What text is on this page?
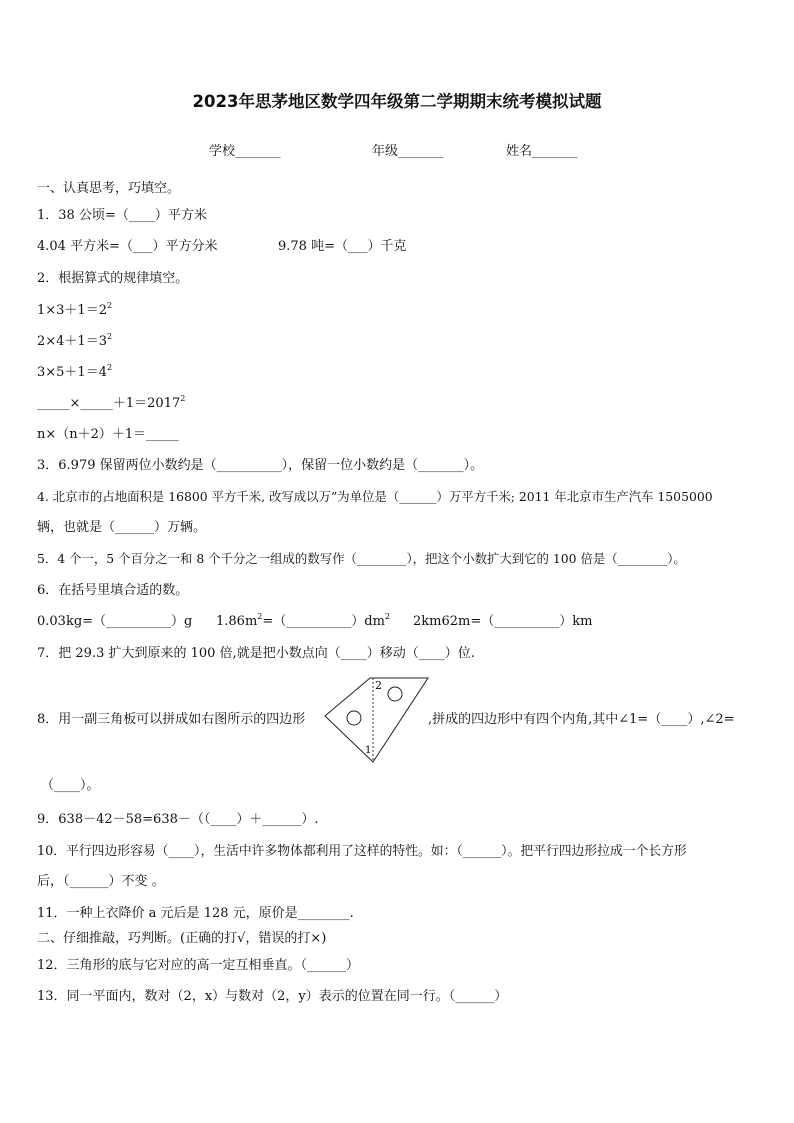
2023年思茅地区数学四年级第二学期期末统考模拟试题
学校_______	年级_______	姓名_______
一、认真思考，巧填空。
1．38 公顷=（____）平方米
4.04 平方米=（___）平方分米	9.78 吨=（___）千克
2．根据算式的规律填空。
$1\times 3+1=2^2$
$2\times 4+1=3^2$
$3\times 5+1=4^2$
$\_\_\_\_\_\times\_\_\_\_\_+1=2017^2$
n×（n＋2）＋1＝_____
3．6.979 保留两位小数约是（__________），保留一位小数约是（_______）。
4. 北京市的占地面积是 16800 平方千米, 改写成以万”为单位是（______）万平方千米; 2011 年北京市生产汽车 1505000
辆，也就是（______）万辆。
5．4 个一，5 个百分之一和 8 个千分之一组成的数写作（________），把这个小数扩大到它的 100 倍是（________）。
6．在括号里填合适的数。
0.03kg=（__________）g $1.86m^2=(\_\_\_\_\_\_\_\_\_\_)dm^2$ 2km62m=（__________）km
7．把 29.3 扩大到原来的 100 倍,就是把小数点向（____）移动（____）位.
8．用一副三角板可以拼成如右图所示的四边形
2
1
,拼成的四边形中有四个内角,其中∠1=（____）,∠2=
（____）。
9．638－42－58=638－（（____）＋______）.
10．平行四边形容易（____），生活中许多物体都利用了这样的特性。如：（______）。把平行四边形拉成一个长方形
后，（______）不变 。
11．一种上衣降价 a 元后是 128 元，原价是________.
二、仔细推敲，巧判断。(正确的打√，错误的打×)
12．三角形的底与它对应的高一定互相垂直。（______）
13．同一平面内，数对（2，x）与数对（2，y）表示的位置在同一行。（______）
